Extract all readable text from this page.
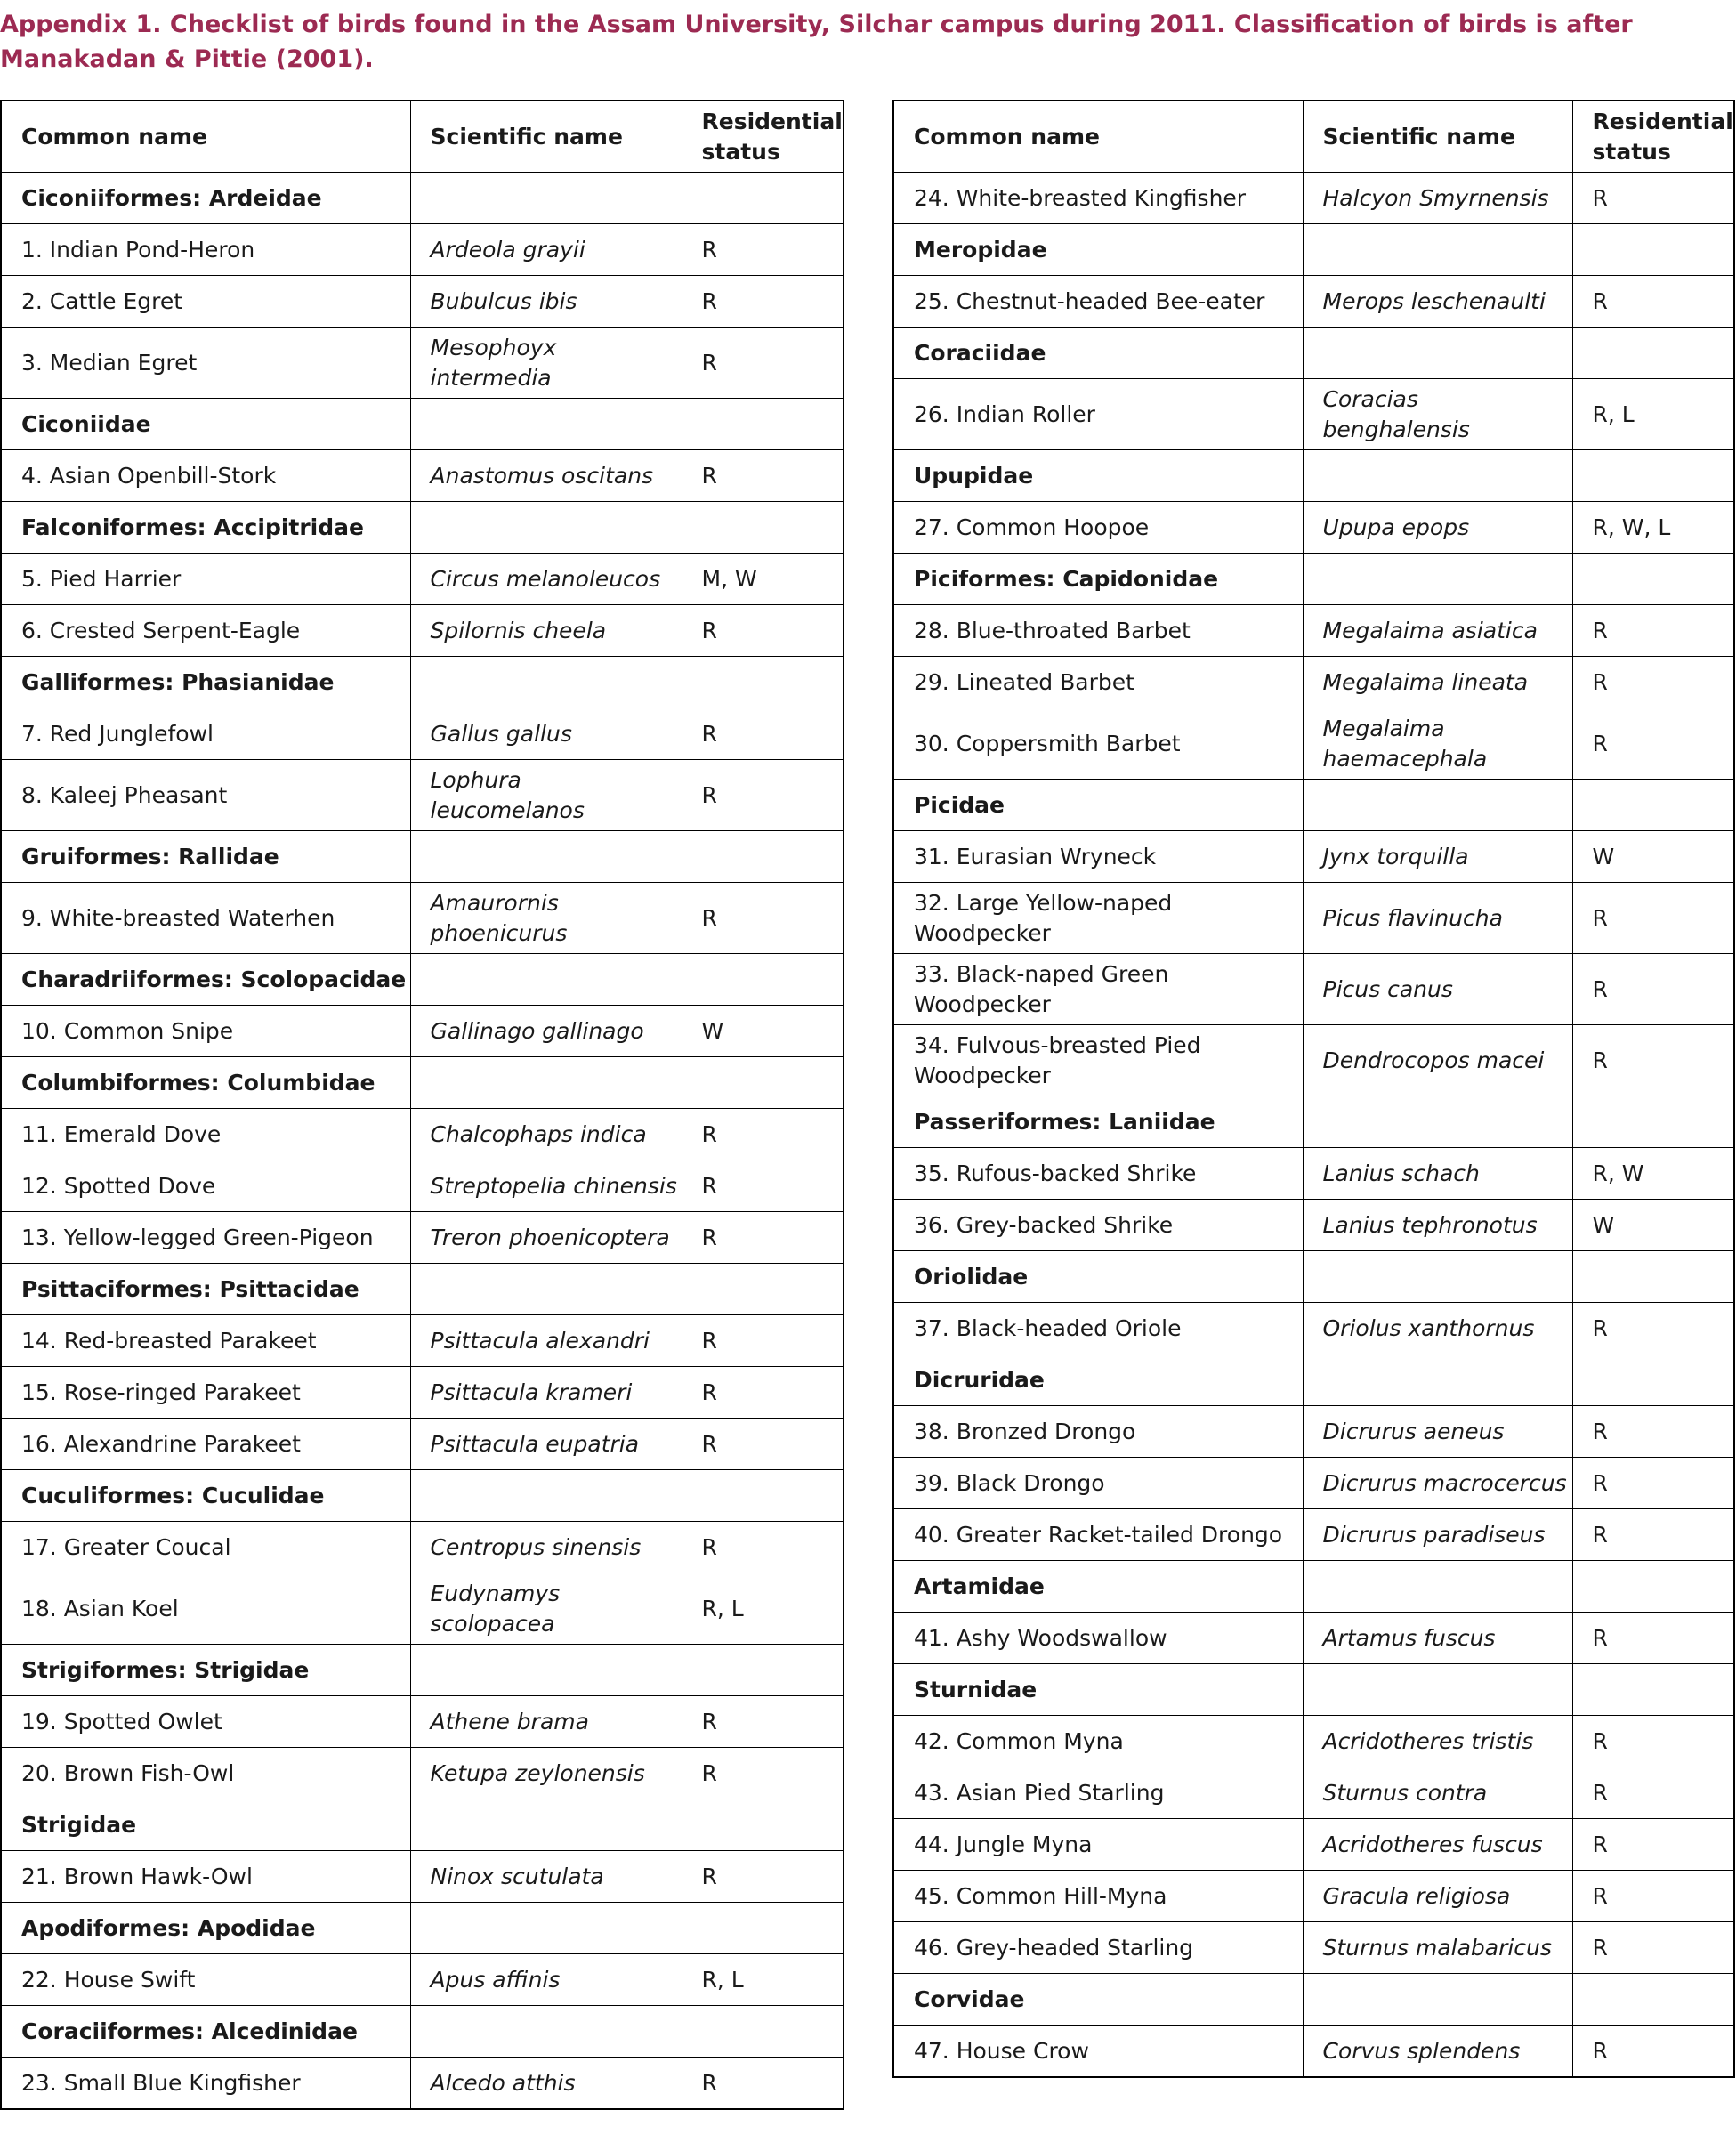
Appendix 1. Checklist of birds found in the Assam University, Silchar campus during 2011. Classification of birds is after Manakadan & Pittie (2001).
Common name	Scientific name	Residential status
Ciconiiformes: Ardeidae		
1. Indian Pond-Heron	Ardeola grayii	R
2. Cattle Egret	Bubulcus ibis	R
3. Median Egret	Mesophoyx intermedia	R
Ciconiidae		
4. Asian Openbill-Stork	Anastomus oscitans	R
Falconiformes: Accipitridae		
5. Pied Harrier	Circus melanoleucos	M, W
6. Crested Serpent-Eagle	Spilornis cheela	R
Galliformes: Phasianidae		
7. Red Junglefowl	Gallus gallus	R
8. Kaleej Pheasant	Lophura leucomelanos	R
Gruiformes: Rallidae		
9. White-breasted Waterhen	Amaurornis phoenicurus	R
Charadriiformes: Scolopacidae		
10. Common Snipe	Gallinago gallinago	W
Columbiformes: Columbidae		
11. Emerald Dove	Chalcophaps indica	R
12. Spotted Dove	Streptopelia chinensis	R
13. Yellow-legged Green-Pigeon	Treron phoenicoptera	R
Psittaciformes: Psittacidae		
14. Red-breasted Parakeet	Psittacula alexandri	R
15. Rose-ringed Parakeet	Psittacula krameri	R
16. Alexandrine Parakeet	Psittacula eupatria	R
Cuculiformes: Cuculidae		
17. Greater Coucal	Centropus sinensis	R
18. Asian Koel	Eudynamys scolopacea	R, L
Strigiformes: Strigidae		
19. Spotted Owlet	Athene brama	R
20. Brown Fish-Owl	Ketupa zeylonensis	R
Strigidae		
21. Brown Hawk-Owl	Ninox scutulata	R
Apodiformes: Apodidae		
22. House Swift	Apus affinis	R, L
Coraciiformes: Alcedinidae		
23. Small Blue Kingfisher	Alcedo atthis	R
Common name	Scientific name	Residential status
24. White-breasted Kingfisher	Halcyon Smyrnensis	R
Meropidae		
25. Chestnut-headed Bee-eater	Merops leschenaulti	R
Coraciidae		
26. Indian Roller	Coracias benghalensis	R, L
Upupidae		
27. Common Hoopoe	Upupa epops	R, W, L
Piciformes: Capidonidae		
28. Blue-throated Barbet	Megalaima asiatica	R
29. Lineated Barbet	Megalaima lineata	R
30. Coppersmith Barbet	Megalaima haemacephala	R
Picidae		
31. Eurasian Wryneck	Jynx torquilla	W
32. Large Yellow-naped Woodpecker	Picus flavinucha	R
33. Black-naped Green Woodpecker	Picus canus	R
34. Fulvous-breasted Pied Woodpecker	Dendrocopos macei	R
Passeriformes: Laniidae		
35. Rufous-backed Shrike	Lanius schach	R, W
36. Grey-backed Shrike	Lanius tephronotus	W
Oriolidae		
37. Black-headed Oriole	Oriolus xanthornus	R
Dicruridae		
38. Bronzed Drongo	Dicrurus aeneus	R
39. Black Drongo	Dicrurus macrocercus	R
40. Greater Racket-tailed Drongo	Dicrurus paradiseus	R
Artamidae		
41. Ashy Woodswallow	Artamus fuscus	R
Sturnidae		
42. Common Myna	Acridotheres tristis	R
43. Asian Pied Starling	Sturnus contra	R
44. Jungle Myna	Acridotheres fuscus	R
45. Common Hill-Myna	Gracula religiosa	R
46. Grey-headed Starling	Sturnus malabaricus	R
Corvidae		
47. House Crow	Corvus splendens	R
